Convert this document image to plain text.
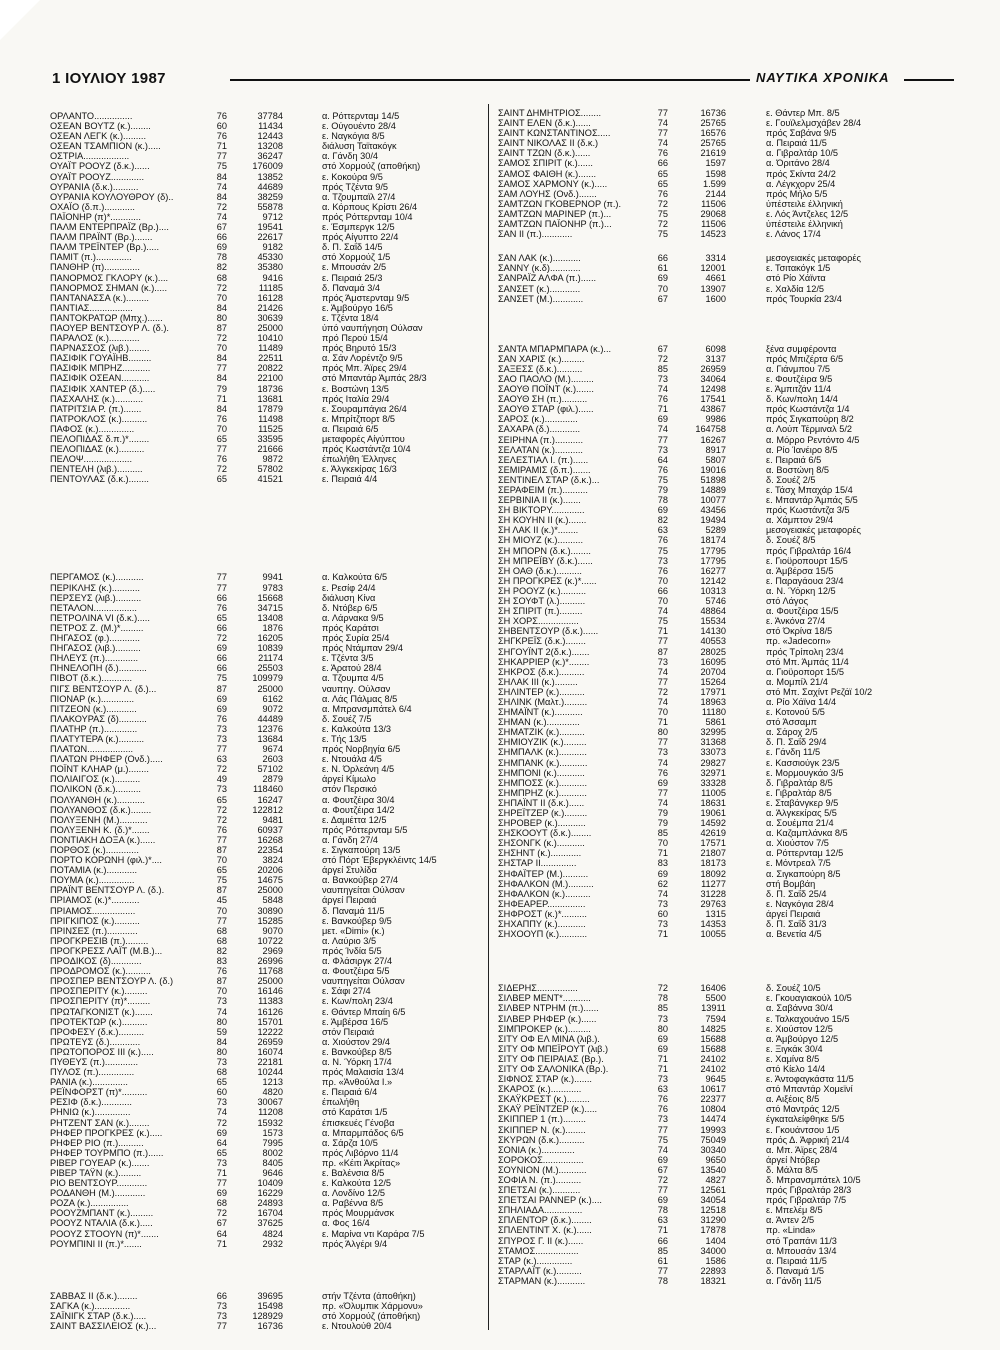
1 ΙΟΥΛΙΟΥ 1987	ΝΑΥΤΙΚΑ ΧΡΟΝΙΚΑ
ΟΡΛΑΝΤΟ...............	76	37784	α. Ρόττερνταμ 14/5
ΟΣΕΑΝ ΒΟΥΤΖ (κ.)........	60	11434	ε. Ούγουέντο 28/4
ΟΣΕΑΝ ΛΕΓΚ (κ.).........	76	12443	ε. Ναγκόγια 8/5
ΟΣΕΑΝ ΤΣΑΜΠΙΟΝ (κ.).....	71	13208	διάλυση Ταϊτακόγκ
ΟΣΤΡΙΑ..................	77	36247	α. Γάνδη 30/4
ΟΥΑΪΤ ΡΟΟΥΖ (δ.κ.)......	75	176009	στό Χορμούζ (αποθήκη)
ΟΥΑΪΤ ΡΟΟΥΖ.............	84	13852	ε. Κοκούρα 9/5
ΟΥΡΑΝΙΑ (δ.κ.)..........	74	44689	πρός Τζέντα 9/5
ΟΥΡΑΝΙΑ ΚΟΥΛΟΥΘΡΟΥ (δ)..	84	38259	α. Τζουμπαϊλ 27/4
ΟΧΑΪΟ (δ.π.)............	72	55878	α. Κόρπους Κρίστι 26/4
ΠΑΪΟΝΗΡ (π)*............	74	9712	πρός Ρόττερνταμ 10/4
ΠΑΛΜ ΕΝΤΕΡΠΡΑΪΖ (Βρ.)....	67	19541	ε. Έσμπεργκ 12/5
ΠΑΛΜ ΠΡΑΪΝΤ (Βρ.).......	66	22617	πρός Αίγυπτο 22/4
ΠΑΛΜ ΤΡΕΪΝΤΕΡ (Βρ.).....	69	9182	δ. Π. Σαΐδ 14/5
ΠΑΜΙΤ (π.)..............	78	45330	στό Χορμούζ 1/5
ΠΑΝΘΗΡ (π)..............	82	35380	ε. Μπουσάν 2/5
ΠΑΝΟΡΜΟΣ ΓΚΛΟΡΥ (κ.)....	68	9416	ε. Πειραιά 25/3
ΠΑΝΟΡΜΟΣ ΣΗΜΑΝ (κ.).....	72	11185	δ. Παναμά 3/4
ΠΑΝΤΑΝΑΣΣΑ (κ.).........	70	16128	πρός Άμστερνταμ 9/5
ΠΑΝΤΙΑΣ.................	84	21426	ε. Άμβούργο 16/5
ΠΑΝΤΟΚΡΑΤΩΡ (Μπχ.)......	80	30639	ε. Τζέντα 18/4
ΠΑΟΥΕΡ ΒΕΝΤΣΟΥΡ Λ. (δ.).	87	25000	ύπό ναυπήγηση Ούλσαν
ΠΑΡΑΛΟΣ (κ.)............	72	10410	πρό Περού 15/4
ΠΑΡΝΑΣΣΟΣ (λιβ.)........	70	11489	πρός Βηρυτό 15/3
ΠΑΣΙΦΙΚ ΓΟΥΑΪΗΒ.........	84	22511	α. Σάν Λορέντζο 9/5
ΠΑΣΙΦΙΚ ΜΠΡΗΖ...........	77	20822	πρός Μπ. Άϊρες 29/4
ΠΑΣΙΦΙΚ ΟΣΕΑΝ...........	84	22100	στό Μπαντάρ Άμπάς 28/3
ΠΑΣΙΦΙΚ ΧΑΝΤΕΡ (δ.).....	79	18736	ε. Βοστώνη 13/5
ΠΑΣΧΑΛΗΣ (κ.)...........	71	13681	πρός Ιταλία 29/4
ΠΑΤΡΙΤΣΙΑ Ρ. (π.).......	84	17879	ε. Σουραμπάγια 26/4
ΠΑΤΡΟΚΛΟΣ (κ.)..........	76	11498	ε. Μπρίτζπορτ 8/5
ΠΑΦΟΣ (κ.)..............	70	11525	α. Πειραιά 6/5
ΠΕΛΟΠΙΔΑΣ δ.π.)*........	65	33595	μεταφορές Αίγύπτου
ΠΕΛΟΠΙΔΑΣ (κ.)..........	77	21666	πρός Κωστάντζα 10/4
ΠΕΛΟΨ...................	76	9872	έπωλήθη Έλληνες
ΠΕΝΤΕΛΗ (λιβ.)..........	72	57802	ε. Άλγκεκίρας 16/3
ΠΕΝΤΟΥΛΑΣ (δ.κ.)........	65	41521	ε. Πειραιά 4/4
ΠΕΡΓΑΜΟΣ (κ.)...........	77	9941	α. Καλκούτα 6/5
ΠΕΡΙΚΛΗΣ (κ.)...........	77	9783	ε. Ρεσίφ 24/4
ΠΕΡΣΕΥΣ (λιβ.)..........	66	15668	διάλυση Κίνα
ΠΕΤΑΛΟΝ.................	76	34715	δ. Ντόβερ 6/5
ΠΕΤΡΟΛΙΝΑ VI (δ.κ.).....	65	13408	α. Λάρνακα 9/5
ΠΕΤΡΟΣ Ζ. (Μ.)*.........	66	1876	πρός Καράτσι
ΠΗΓΑΣΟΣ (φ.)............	72	16205	πρός Συρία 25/4
ΠΗΓΑΣΟΣ (λιβ.)..........	69	10839	πρός Ντάμπαν 29/4
ΠΗΛΕΥΣ (π.).............	66	21174	ε. Τζέντα 3/5
ΠΗΝΕΛΟΠΗ (δ.)...........	66	25503	ε. Άρατού 28/4
ΠΙΒΟΤ (δ.κ.)............	75	109979	α. Τζουμπα 4/5
ΠΙΓΣ ΒΕΝΤΣΟΥΡ Λ. (δ.)...	87	25000	ναυπηγ. Ούλσαν
ΠΙΟΝΑΡ (κ.).............	69	6162	α. Λάς Πάλμας 8/5
ΠΙΤΖΕΟΝ (κ.)............	69	9072	α. Μπρανσμπάτελ 6/4
ΠΛΑΚΟΥΡΑΣ (δ)...........	76	44489	δ. Σουέζ 7/5
ΠΛΑΤΗΡ (π.).............	73	12376	ε. Καλκούτα 13/3
ΠΛΑΤΥΤΕΡΑ (κ.)..........	73	13684	ε. Τής 13/5
ΠΛΑΤΩΝ..................	77	9674	πρός Νορβηγία 6/5
ΠΛΑΤΩΝ ΡΗΦΕΡ (Ονδ.).....	63	2603	ε. Ντουάλα 4/5
ΠΟΪΝΤ ΚΛΗΑΡ (μ.)........	72	57102	ε. Ν. Όρλεάνη 4/5
ΠΟΛΙΑΙΓΟΣ (κ.)..........	49	2879	άργεί Κίμωλο
ΠΟΛΙΚΟΝ (δ.κ.)..........	73	118460	στόν Περσικό
ΠΟΛΥΑΝΘΗ (κ.)...........	65	16247	α. Φουτζέιρα 30/4
ΠΟΛΥΑΝΘΟΣ (δ.κ.)........	72	122812	α. Φουτζέιρα 14/2
ΠΟΛΥΞΕΝΗ (Μ.)...........	72	9481	ε. Δαμιέττα 12/5
ΠΟΛΥΞΕΝΗ Κ. (δ.)*.......	76	60937	πρός Ρόττερνταμ 5/5
ΠΟΝΤΙΑΚΗ ΔΟΞΑ (κ.)......	77	16268	α. Γάνδη 27/4
ΠΟΡΘΟΣ (κ.).............	87	22354	ε. Σιγκαπούρη 13/5
ΠΟΡΤΟ ΚΟΡΩΝΗ (φιλ.)*....	70	3824	στό Πόρτ Έβεργκλέιντς 14/5
ΠΟΤΑΜΙΑ (κ.)............	65	20206	άργεί Στυλίδα
ΠΟΥΜΑ (κ.)..............	75	14675	α. Βανκούβερ 27/4
ΠΡΑΪΝΤ ΒΕΝΤΣΟΥΡ Λ. (δ.).	87	25000	ναυπηγείται Ούλσαν
ΠΡΙΑΜΟΣ (κ.)*...........	45	5848	άργεί Πειραιά
ΠΡΙΑΜΟΣ.................	70	30890	δ. Παναμά 11/5
ΠΡΙΓΚΙΠΟΣ (κ.)..........	77	15285	ε. Βανκούβερ 9/5
ΠΡΙΝΣΕΣ (π.)............	68	9070	μετ. «Dimi» (κ.)
ΠΡΟΓΚΡΕΣΙΒ (π.).........	68	10722	α. Λαύριο 3/5
ΠΡΟΓΚΡΕΣΣ ΛΑΪΤ (Μ.Β.)...	82	2969	πρός Ίνδία 5/5
ΠΡΟΔΙΚΟΣ (δ)............	83	26996	α. Φλάσιργκ 27/4
ΠΡΟΔΡΟΜΟΣ (κ.)..........	76	11768	α. Φουτζέιρα 5/5
ΠΡΟΣΠΕΡ ΒΕΝΤΣΟΥΡ Λ. (δ.)	87	25000	ναυπηγείται Ούλσαν
ΠΡΟΣΠΕΡΙΤΥ (κ.).........	70	16146	ε. Σάφι 27/4
ΠΡΟΣΠΕΡΙΤΥ (π)*.........	73	11383	ε. Κων/πολη 23/4
ΠΡΩΤΑΓΚΟΝΙΣΤ (κ.).......	74	16126	ε. Θάντερ Μπαίη 6/5
ΠΡΟΤΕΚΤΩΡ (κ.)..........	80	15701	ε. Άμβέρσα 16/5
ΠΡΟΦΕΣΥ (δ.κ.)..........	59	12222	στόν Πειραιά
ΠΡΩΤΕΥΣ (δ.)............	84	26959	α. Χιούστον 29/4
ΠΡΩΤΟΠΟΡΟΣ III (κ.).....	80	16074	ε. Βανκούβερ 8/5
ΠΥΘΕΥΣ (π.).............	73	22181	α. Ν. Ύόρκη 17/4
ΠΥΛΟΣ (π.)..............	68	10244	πρός Μαλαισία 13/4
ΡΑΝΙΑ (κ.)..............	65	1213	πρ. «Άνθούλα Ι.»
ΡΕΪΝΦΟΡΣΤ (π)*..........	60	4820	ε. Πειραιά 6/4
ΡΕΣΙΦ (δ.κ.)............	73	30067	έπωλήθη
ΡΗΝΙΩ (κ.)..............	74	11208	στό Καράτσι 1/5
ΡΗΤΖΕΝΤ ΣΑΝ (κ.)........	72	15932	έπισκευές Γένοβα
ΡΗΦΕΡ ΠΡΟΓΚΡΕΣ (κ.).....	69	1573	α. Μπαρμπάδος 6/5
ΡΗΦΕΡ ΡΙΟ (π.)..........	64	7995	α. Σάρζα 10/5
ΡΗΦΕΡ ΤΟΥΡΜΠΟ (π.)......	65	8002	πρός Λιβόρνο 11/4
ΡΙΒΕΡ ΓΟΥΕΑΡ (κ.).......	73	8405	πρ. «Κέιτι Άκρίτας»
ΡΙΒΕΡ ΤΑΫΝ (κ.).........	71	9646	ε. Βαλένσια 8/5
ΡΙΟ ΒΕΝΤΣΟΥΡ............	77	10409	ε. Καλκούτα 12/5
ΡΟΔΑΝΘΗ (Μ.)............	69	16229	α. Λονδίνο 12/5
ΡΟΖΑ (κ.)...............	68	24893	α. Ραβέννα 8/5
ΡΟΟΥΖΜΠΑΝΤ (κ.).........	72	16704	πρός Μουρμάνσκ
ΡΟΟΥΖ ΝΤΑΛΙΑ (δ.κ.).....	67	37625	α. Φος 16/4
ΡΟΟΥΖ ΣΤΟΟΥΝ (π)*.......	64	4824	ε. Μαρίνα ντι Καράρα 7/5
ΡΟΥΜΠΙΝΙ ΙΙ (π.)*.......	71	2932	πρός Άλγέρι 9/4
ΣΑΒΒΑΣ ΙΙ (δ.κ.)........	66	39695	στήν Τζέντα (άποθήκη)
ΣΑΓΚΑ (κ.)..............	73	15498	πρ. «Όλυμπικ Χάρμονυ»
ΣΑΪΝΙΓΚ ΣΤΑΡ (δ.κ.).....	73	128929	στό Χορμούζ (άποθήκη)
ΣΑΙΝΤ ΒΑΣΣΙΛΕΙΟΣ (κ.)...	77	16736	ε. Ντουλούθ 20/4
ΣΑΙΝΤ ΔΗΜΗΤΡΙΟΣ........	77	16736	ε. Θάντερ Μπ. 8/5
ΣΑΙΝΤ ΕΛΕΝ (δ.κ.)......	74	25765	ε. Γουϊλελμσχάβεν 28/4
ΣΑΙΝΤ ΚΩΝΣΤΑΝΤΙΝΟΣ.....	77	16576	πρός Σαβάνα 9/5
ΣΑΙΝΤ ΝΙΚΟΛΑΣ ΙΙ (δ.κ.)	74	25765	α. Πειραιά 11/5
ΣΑΙΝΤ ΤΖΩΝ (δ.κ.)......	76	21619	α. Γιβραλτάρ 10/5
ΣΑΜΟΣ ΣΠΙΡΙΤ (κ.)......	66	1597	α. Όριτάνο 28/4
ΣΑΜΟΣ ΦΑΙΘΗ (κ.).......	65	1598	πρός Σκίντα 24/2
ΣΑΜΟΣ ΧΑΡΜΟΝΥ (κ.).....	65	1.599	α. Λέγκχορν 25/4
ΣΑΜ ΛΟΥΗΣ (Ονδ.).......	76	2144	πρός Μήλο 5/5
ΣΑΜΤΖΩΝ ΓΚΟΒΕΡΝΟΡ (π.).	72	11506	ύπέστειλε έλληνική
ΣΑΜΤΖΩΝ ΜΑΡΙΝΕΡ (π.)...	75	29068	ε. Λός Άντζελες 12/5
ΣΑΜΤΖΩΝ ΠΑΪΟΝΗΡ (π.)...	72	11506	ύπέστειλε έλληνική
ΣΑΝ ΙΙ (π.)............	75	14523	ε. Λάνος 17/4
ΣΑΝ ΛΑΚ (κ.)...........	66	3314	μεσογειακές μεταφορές
ΣΑΝΝΥ (κ.δ)............	61	12001	ε. Τσιτακόγκ 1/5
ΣΑΝΡΑΪΖ ΑΛΦΑ (π.)......	69	4661	στό Ρίο Χάϊντα
ΣΑΝΣΕΤ (κ.)............	70	13907	ε. Χαλδία 12/5
ΣΑΝΣΕΤ (Μ.)............	67	1600	πρός Τουρκία 23/4
ΣΑΝΤΑ ΜΠΑΡΜΠΑΡΑ (κ.)...	67	6098	ξένα συμφέροντα
ΣΑΝ ΧΑΡΙΣ (κ.).........	72	3137	πρός Μπιζέρτα 6/5
ΣΑΞΕΣΣ (δ.κ.)..........	85	26959	α. Γιάνμπου 7/5
ΣΑΟ ΠΑΟΛΟ (Μ.).........	73	34064	ε. Φουτζέιρα 9/5
ΣΑΟΥΘ ΠΟΪΝΤ (κ.).......	74	12498	ε. Άμπιτζάν 11/4
ΣΑΟΥΘ ΣΗ (π.)..........	76	17541	δ. Κων/πολη 14/4
ΣΑΟΥΘ ΣΤΑΡ (φιλ.)......	71	43867	πρός Κωστάντζα 1/4
ΣΑΡΟΣ (κ.).............	69	9986	πρός Σιγκαπούρη 8/2
ΣΑΧΑΡΑ (δ.)............	74	164758	α. Λούπ Τέρμιναλ 5/2
ΣΕΙΡΗΝΑ (π.)...........	77	16267	α. Μόρρο Ρεντόντο 4/5
ΣΕΛΑΤΑΝ (κ.)...........	73	8917	α. Ρίο Ίανέιρο 8/5
ΣΕΛΕΣΤΙΑΛ Ι. (π.)......	64	5807	ε. Πειραιά 6/5
ΣΕΜΙΡΑΜΙΣ (δ.π.).......	76	19016	α. Βοστώνη 8/5
ΣΕΝΤΙΝΕΛ ΣΤΑΡ (δ.κ.)...	75	51898	δ. Σουέζ 2/5
ΣΕΡΑΦΕΙΜ (π.)..........	79	14889	ε. Τάσχ Μπαχάρ 15/4
ΣΕΡΒΙΝΙΑ ΙΙ (κ.).......	78	10077	ε. Μπαντάρ Άμπάς 5/5
ΣΗ ΒΙΚΤΟΡΥ.............	69	43456	πρός Κωστάντζα 3/5
ΣΗ ΚΟΥΗΝ ΙΙ (κ.).......	82	19494	α. Χάμπτον 29/4
ΣΗ ΛΑΚ ΙΙ (κ.)*........	63	5289	μεσογειακές μεταφορές
ΣΗ ΜΙΟΥΖ (κ.)..........	76	18174	δ. Σουέζ 8/5
ΣΗ ΜΠΟΡΝ (δ.κ.)........	75	17795	πρός Γιβραλτάρ 16/4
ΣΗ ΜΠΡΕΪΒΥ (δ.κ.)......	73	17795	ε. Γιοϋροπουρτ 15/5
ΣΗ ΟΑΘ (δ.κ.)..........	76	16277	α. Άμβέρσα 15/5
ΣΗ ΠΡΟΓΚΡΕΣ (κ.)*......	70	12142	ε. Παραγάουα 23/4
ΣΗ ΡΟΟΥΖ (κ.)..........	66	10313	α. Ν. Ύόρκη 12/5
ΣΗ ΣΟΥΦΤ (λ.)..........	70	5746	στό Λάγος
ΣΗ ΣΠΙΡΙΤ (π.).........	74	48864	α. Φουτζέιρα 15/5
ΣΗ ΧΟΡΣ................	75	15534	ε. Άνκόνα 27/4
ΣΗΒΕΝΤΣΟΥΡ (δ.κ.)......	71	14130	στό Όκρίνα 18/5
ΣΗΓΚΡΕΪΣ (δ.κ.)........	77	40553	πρ. «Jadecorn»
ΣΗΓΟΥΪΝΤ 2(δ.κ.).......	87	28025	πρός Τρίπολη 23/4
ΣΗΚΑΡΡΙΕΡ (κ.)*........	73	16095	στό Μπ. Άμπάς 11/4
ΣΗΚΡΟΣ (δ.κ.)..........	74	20704	α. Γιοϋροπορτ 15/5
ΣΗΛΑΚ ΙΙΙ (κ.).........	77	15264	α. Μομπίλ 21/4
ΣΗΛΙΝΤΕΡ (κ.)..........	72	17971	στό Μπ. Σαχίντ Ρεζάϊ 10/2
ΣΗΛΙΝΚ (Μαλτ.).........	74	18963	α. Ρίο Χάϊνα 14/4
ΣΗΜΑΪΝΤ (κ.)...........	70	11180	ε. Κοτονού 5/5
ΣΗΜΑΝ (κ.).............	71	5861	στό Άσσαμπ
ΣΗΜΑΤΖΙΚ (κ.)..........	80	32995	α. Σάροχ 2/5
ΣΗΜΙΟΥΖΙΚ (κ.).........	77	31368	δ. Π. Σαΐδ 29/4
ΣΗΜΠΑΛΚ (κ.)...........	73	33073	ε. Γάνδη 11/5
ΣΗΜΠΑΝΚ (κ.)...........	74	29827	ε. Κασσιούγκ 23/5
ΣΗΜΠΟΝΙ (κ.)...........	76	32971	ε. Μορμουγκάο 3/5
ΣΗΜΠΟΣΣ (κ.)...........	69	33328	δ. Γιβραλτάρ 8/5
ΣΗΜΠΡΗΖ (κ.)...........	77	11005	ε. Γιβραλτάρ 8/5
ΣΗΠΑΪΝΤ ΙΙ (δ.κ.)......	74	18631	ε. Σταβάνγκερ 9/5
ΣΗΡΕΪΤΖΕΡ (κ.).........	79	19061	α. Άλγκεκίρας 5/5
ΣΗΡΟΒΕΡ (κ.)...........	79	14592	α. Σουέμπα 21/4
ΣΗΣΚΟΟΥΤ (δ.κ.)........	85	42619	α. Καζαμπλάνκα 8/5
ΣΗΣΟΝΓΚ (κ.)...........	70	17571	α. Χιούστον 7/5
ΣΗΣΗΝΤ (κ.)............	71	21807	α. Ρόττερνταμ 12/5
ΣΗΣΤΑΡ ΙΙ..............	83	18173	ε. Μόντρεαλ 7/5
ΣΗΦΑΪΤΕΡ (Μ.)..........	69	18092	α. Σιγκαπούρη 8/5
ΣΗΦΑΛΚΟΝ (Μ.)..........	62	11277	στή Βομβάη
ΣΗΦΑΛΚΟΝ (κ.)..........	74	31228	δ. Π. Σαΐδ 25/4
ΣΗΦΕΑΡΕΡ...............	73	29763	ε. Ναγκόγια 28/4
ΣΗΦΡΟΣΤ (κ.)*..........	60	1315	άργεί Πειραιά
ΣΗΧΑΠΠΥ (κ.)...........	73	14353	δ. Π. Σαΐδ 31/3
ΣΗΧΟΟΥΠ (κ.)...........	71	10055	α. Βενετία 4/5
ΣΙΔΕΡΗΣ................	72	16406	δ. Σουέζ 10/5
ΣΙΛΒΕΡ ΜΕΝΤ*...........	78	5500	ε. Γκουαγιακούλ 10/5
ΣΙΛΒΕΡ ΝΤΡΗΜ (π.)......	85	13911	α. Σαβάννα 30/4
ΣΙΛΒΕΡ ΡΗΦΕΡ (κ.)......	73	7594	ε. Ταλκαχουάνο 15/5
ΣΙΜΠΡΟΚΕΡ (κ.).........	80	14825	ε. Χιούστον 12/5
ΣΙΤΥ ΟΦ ΕΛ ΜΙΝΑ (λιβ.).	69	15688	α. Άμβούργο 12/5
ΣΙΤΥ ΟΦ ΜΠΕΪΡΟΥΤ (λιβ.)	69	15688	ε. Ξιγκάκ 30/4
ΣΙΤΥ ΟΦ ΠΕΙΡΑΙΑΣ (Βρ.).	71	24102	ε. Χαμίνα 8/5
ΣΙΤΥ ΟΦ ΣΑΛΟΝΙΚΑ (Βρ.).	71	24102	στό Κίελο 14/4
ΣΙΦΝΟΣ ΣΤΑΡ (κ.).......	73	9645	ε. Άντοφαγκάστα 11/5
ΣΚΑΡΟΣ (κ.)............	63	10617	στό Μπαντάρ Χομεϊνί
ΣΚΑΫΚΡΕΣΤ (κ.).........	76	22377	α. Αιξέοις 8/5
ΣΚΑΫ ΡΕΪΝΤΖΕΡ (κ.).....	76	10804	στό Μαντράς 12/5
ΣΚΙΠΠΕΡ 1 (π.).........	73	14474	έγκαταλείφθηκε 5/5
ΣΚΙΠΠΕΡ Ν. (κ.)........	77	19993	ε. Γκουάντσου 1/5
ΣΚΥΡΩΝ (δ.κ.)..........	75	75049	πρός Δ. Άφρική 21/4
ΣΟΝΙΑ (κ.).............	74	30340	α. Μπ. Άϊρες 28/4
ΣΟΡΟΚΟΣ................	69	9650	άργεί Ντόβερ
ΣΟΥΝΙΟΝ (Μ.)...........	67	13540	δ. Μάλτα 8/5
ΣΟΦΙΑ Ν. (π.)..........	72	4827	δ. Μπρανσμπάτελ 10/5
ΣΠΕΤΣΑΙ (κ.)...........	77	12561	πρός Γιβραλτάρ 28/3
ΣΠΕΤΣΑΙ ΡΑΝΝΕΡ (κ.)....	69	34054	πρός Γιβραλτάρ 7/5
ΣΠΗΛΙΑΔΑ...............	78	12518	ε. Μπελέμ 8/5
ΣΠΛΕΝΤΟΡ (δ.κ.)........	63	31290	α. Άντεν 2/5
ΣΠΛΕΝΤΙΝΤ Χ. (κ.)......	71	17878	πρ. «Linda»
ΣΠΥΡΟΣ Γ. ΙΙ (κ.)......	66	1404	στό Τραπάνι 11/3
ΣΤΑΜΟΣ.................	85	34000	α. Μπουσάν 13/4
ΣΤΑΡ (κ.)..............	61	1586	α. Πειραιά 11/5
ΣΤΑΡΛΑΪΤ (κ.)..........	77	22893	δ. Παναμά 1/5
ΣΤΑΡΜΑΝ (κ.)...........	78	18321	α. Γάνδη 11/5
